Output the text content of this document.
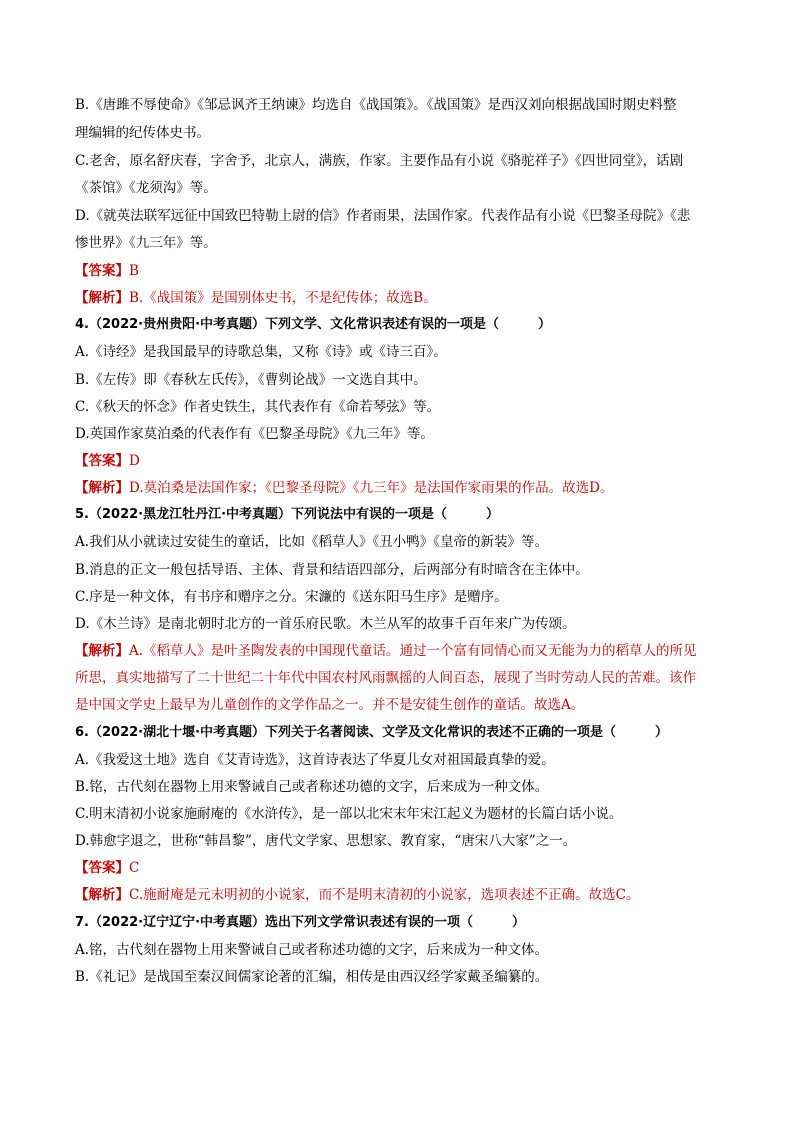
B.《唐雎不辱使命》《邹忌讽齐王纳谏》均选自《战国策》。《战国策》是西汉刘向根据战国时期史料整
理编辑的纪传体史书。
C.老舍，原名舒庆春，字舍予，北京人，满族，作家。主要作品有小说《骆驼祥子》《四世同堂》，话剧
《茶馆》《龙须沟》等。
D.《就英法联军远征中国致巴特勒上尉的信》作者雨果，法国作家。代表作品有小说《巴黎圣母院》《悲
惨世界》《九三年》等。
【答案】B
【解析】B.《战国策》是国别体史书，不是纪传体；故选B。
4.（2022·贵州贵阳·中考真题）下列文学、文化常识表述有误的一项是（　　　）
A.《诗经》是我国最早的诗歌总集，又称《诗》或《诗三百》。
B.《左传》即《春秋左氏传》，《曹刿论战》一文选自其中。
C.《秋天的怀念》作者史铁生，其代表作有《命若琴弦》等。
D.英国作家莫泊桑的代表作有《巴黎圣母院》《九三年》等。
【答案】D
【解析】D.莫泊桑是法国作家；《巴黎圣母院》《九三年》是法国作家雨果的作品。故选D。
5.（2022·黑龙江牡丹江·中考真题）下列说法中有误的一项是（　　　）
A.我们从小就读过安徒生的童话，比如《稻草人》《丑小鸭》《皇帝的新装》等。
B.消息的正文一般包括导语、主体、背景和结语四部分，后两部分有时暗含在主体中。
C.序是一种文体，有书序和赠序之分。宋濂的《送东阳马生序》是赠序。
D.《木兰诗》是南北朝时北方的一首乐府民歌。木兰从军的故事千百年来广为传颂。
【解析】A.《稻草人》是叶圣陶发表的中国现代童话。通过一个富有同情心而又无能为力的稻草人的所见
所思，真实地描写了二十世纪二十年代中国农村风雨飘摇的人间百态，展现了当时劳动人民的苦难。该作
是中国文学史上最早为儿童创作的文学作品之一。并不是安徒生创作的童话。故选A。
6.（2022·湖北十堰·中考真题）下列关于名著阅读、文学及文化常识的表述不正确的一项是（　　　）
A.《我爱这土地》选自《艾青诗选》，这首诗表达了华夏儿女对祖国最真挚的爱。
B.铭，古代刻在器物上用来警诫自己或者称述功德的文字，后来成为一种文体。
C.明末清初小说家施耐庵的《水浒传》，是一部以北宋末年宋江起义为题材的长篇白话小说。
D.韩愈字退之，世称“韩昌黎”，唐代文学家、思想家、教育家，“唐宋八大家”之一。
【答案】C
【解析】C.施耐庵是元末明初的小说家，而不是明末清初的小说家，选项表述不正确。故选C。
7.（2022·辽宁辽宁·中考真题）选出下列文学常识表述有误的一项（　　　）
A.铭，古代刻在器物上用来警诫自己或者称述功德的文字，后来成为一种文体。
B.《礼记》是战国至秦汉间儒家论著的汇编，相传是由西汉经学家戴圣编纂的。
